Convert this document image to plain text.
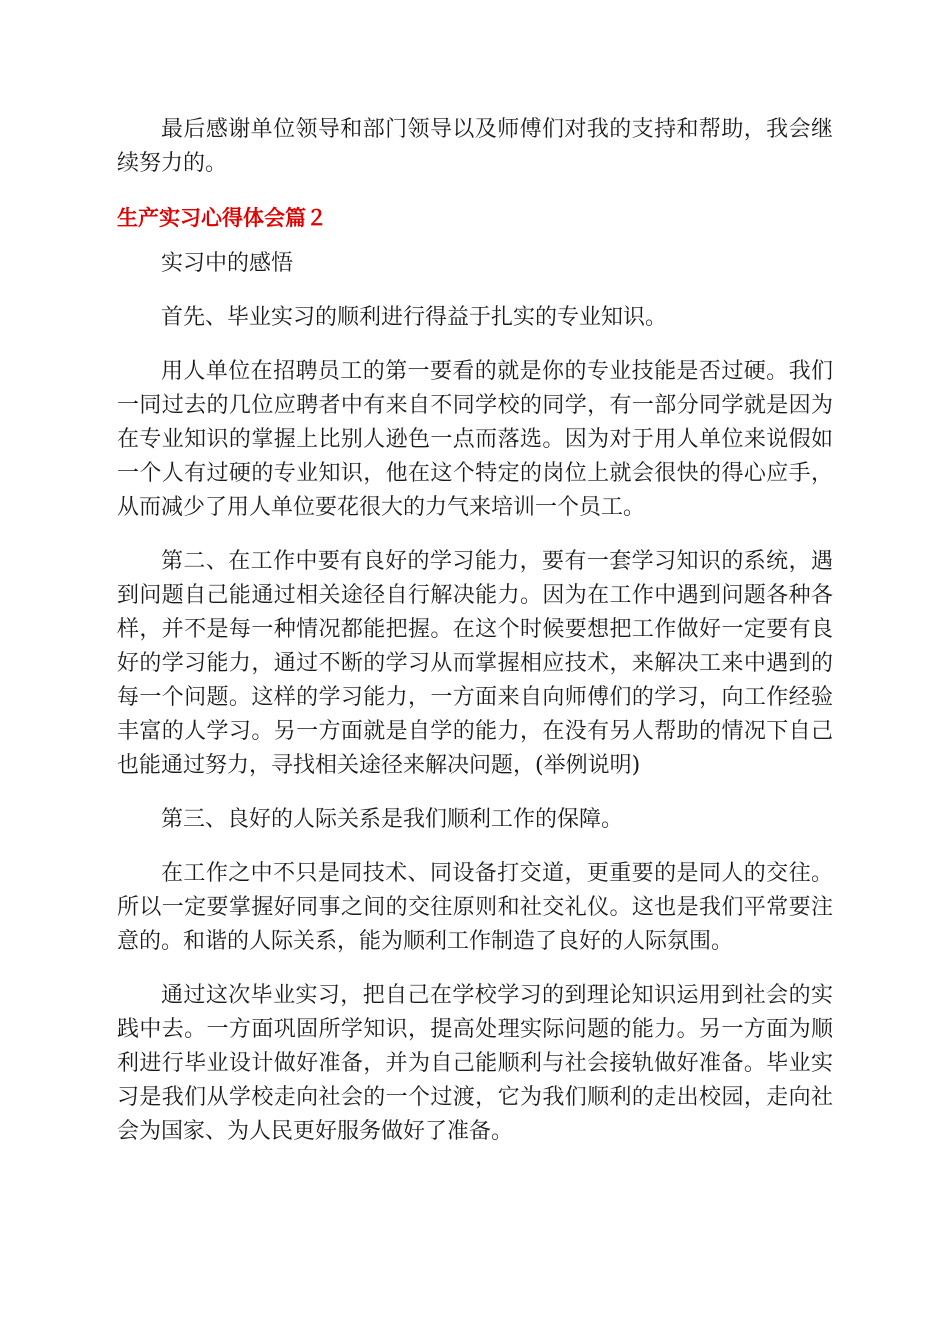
最后感谢单位领导和部门领导以及师傅们对我的支持和帮助，我会继续努力的。

生产实习心得体会篇２

实习中的感悟

首先、毕业实习的顺利进行得益于扎实的专业知识。

用人单位在招聘员工的第一要看的就是你的专业技能是否过硬。我们一同过去的几位应聘者中有来自不同学校的同学，有一部分同学就是因为在专业知识的掌握上比别人逊色一点而落选。因为对于用人单位来说假如一个人有过硬的专业知识，他在这个特定的岗位上就会很快的得心应手，从而减少了用人单位要花很大的力气来培训一个员工。

第二、在工作中要有良好的学习能力，要有一套学习知识的系统，遇到问题自己能通过相关途径自行解决能力。因为在工作中遇到问题各种各样，并不是每一种情况都能把握。在这个时候要想把工作做好一定要有良好的学习能力，通过不断的学习从而掌握相应技术，来解决工来中遇到的每一个问题。这样的学习能力，一方面来自向师傅们的学习，向工作经验丰富的人学习。另一方面就是自学的能力，在没有另人帮助的情况下自己也能通过努力，寻找相关途径来解决问题，(举例说明)

第三、良好的人际关系是我们顺利工作的保障。

在工作之中不只是同技术、同设备打交道，更重要的是同人的交往。所以一定要掌握好同事之间的交往原则和社交礼仪。这也是我们平常要注意的。和谐的人际关系，能为顺利工作制造了良好的人际氛围。

通过这次毕业实习，把自己在学校学习的到理论知识运用到社会的实践中去。一方面巩固所学知识，提高处理实际问题的能力。另一方面为顺利进行毕业设计做好准备，并为自己能顺利与社会接轨做好准备。毕业实习是我们从学校走向社会的一个过渡，它为我们顺利的走出校园，走向社会为国家、为人民更好服务做好了准备。
